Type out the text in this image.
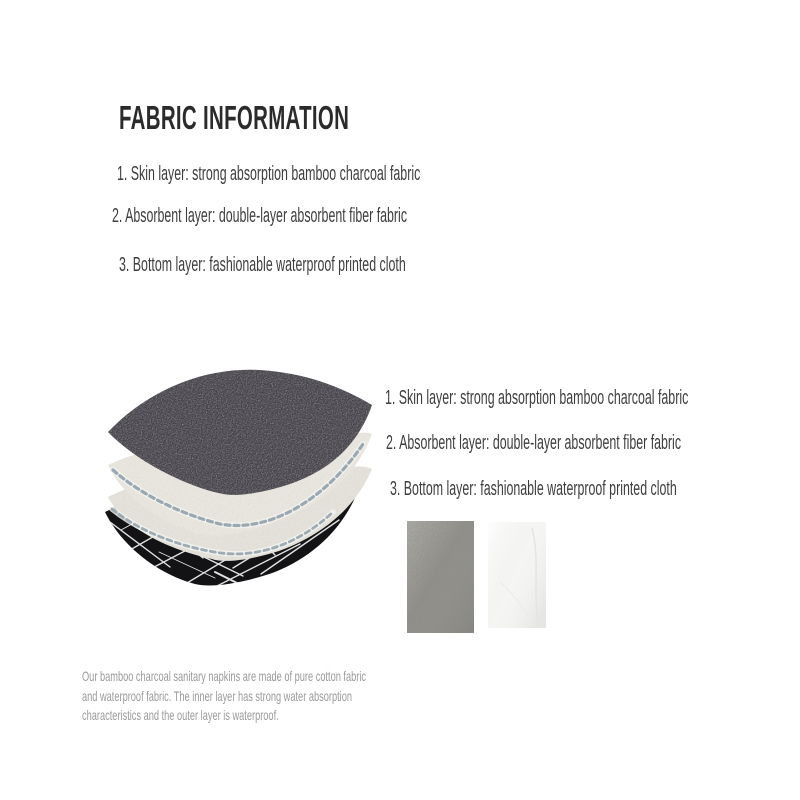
FABRIC INFORMATION
1. Skin layer: strong absorption bamboo charcoal fabric
2. Absorbent layer: double-layer absorbent fiber fabric
3. Bottom layer: fashionable waterproof printed cloth
1. Skin layer: strong absorption bamboo charcoal fabric
2. Absorbent layer: double-layer absorbent fiber fabric
3. Bottom layer: fashionable waterproof printed cloth
Our bamboo charcoal sanitary napkins are made of pure cotton fabric
and waterproof fabric. The inner layer has strong water absorption
characteristics and the outer layer is waterproof.
